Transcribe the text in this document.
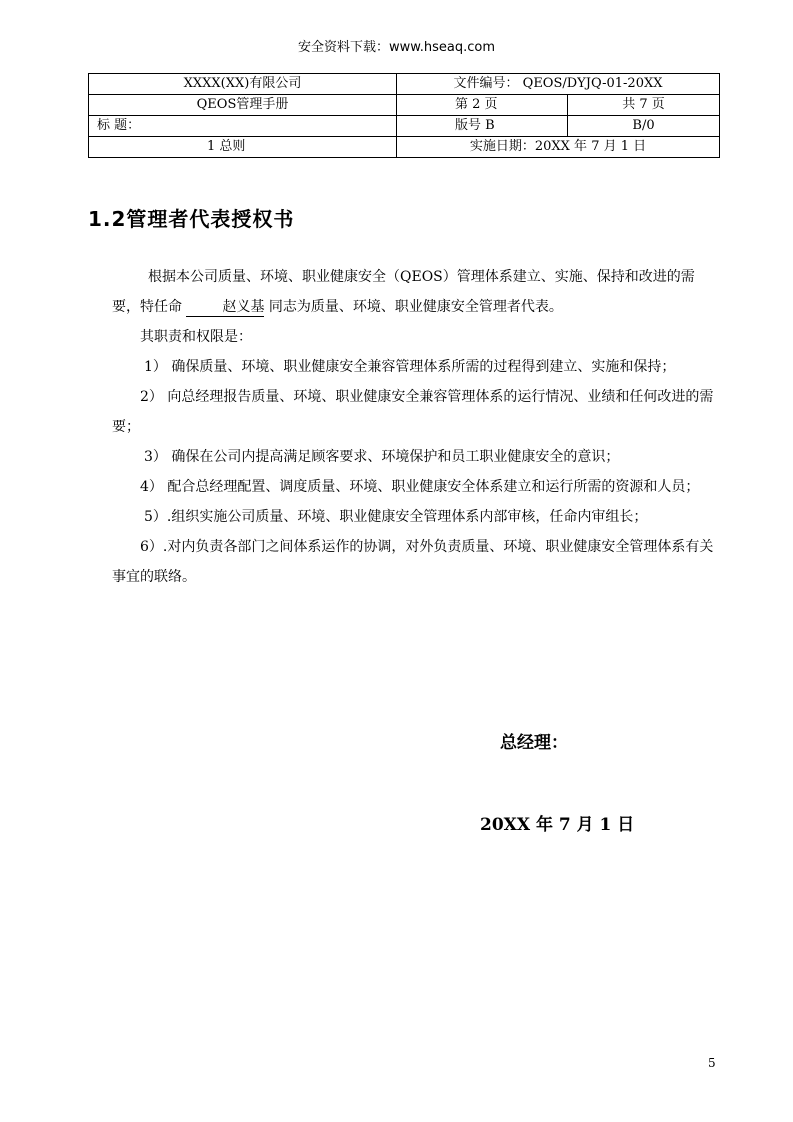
安全资料下载：www.hseaq.com
XXXX(XX)有限公司	文件编号： QEOS/DYJQ-01-20XX	
QEOS管理手册	第 2 页	共 7 页
标 题：	版号 B	B/0
1 总则	实施日期：20XX 年 7 月 1 日	
1.2管理者代表授权书

根据本公司质量、环境、职业健康安全（QEOS）管理体系建立、实施、保持和改进的需要，特任命	赵义基 同志为质量、环境、职业健康安全管理者代表。

其职责和权限是：

1） 确保质量、环境、职业健康安全兼容管理体系所需的过程得到建立、实施和保持；

2） 向总经理报告质量、环境、职业健康安全兼容管理体系的运行情况、业绩和任何改进的需要；

3） 确保在公司内提高满足顾客要求、环境保护和员工职业健康安全的意识；

4） 配合总经理配置、调度质量、环境、职业健康安全体系建立和运行所需的资源和人员；

5）.组织实施公司质量、环境、职业健康安全管理体系内部审核，任命内审组长；

6）.对内负责各部门之间体系运作的协调，对外负责质量、环境、职业健康安全管理体系有关事宜的联络。

总经理：
20XX 年 7 月 1 日
5
